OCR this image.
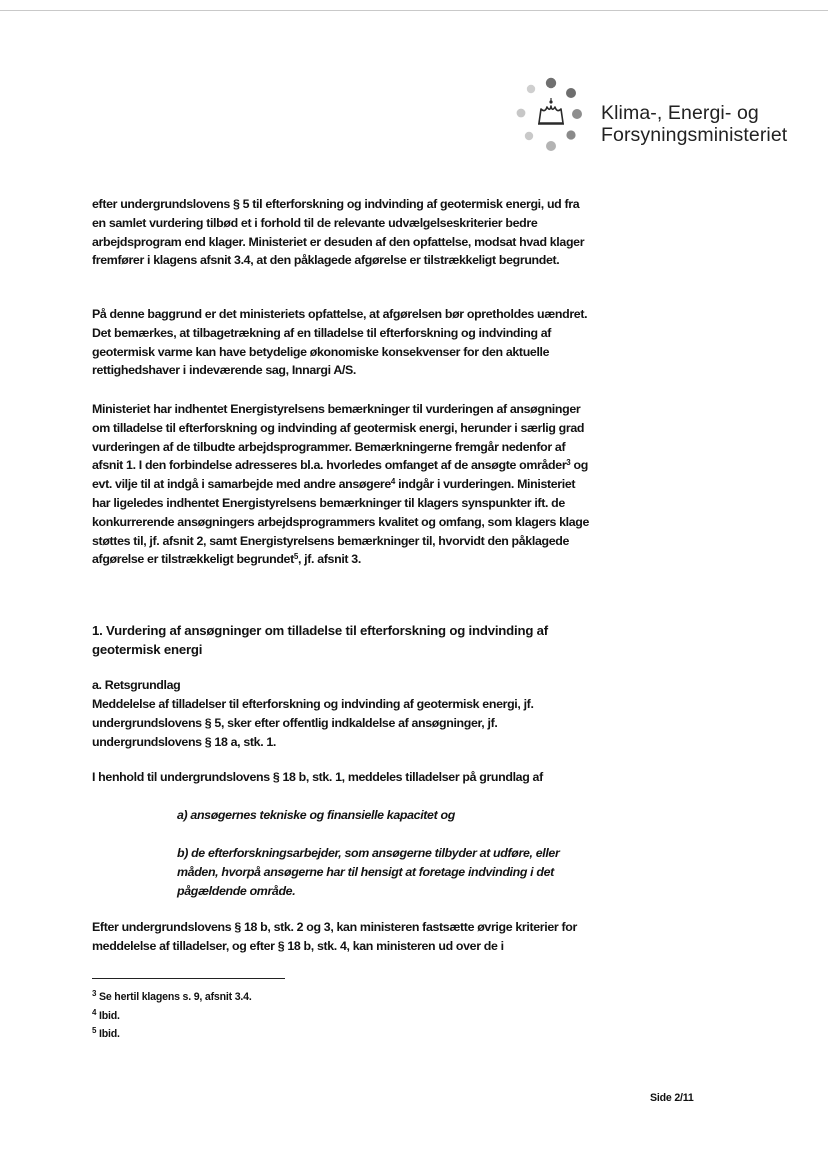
Klima-, Energi- og
Forsyningsministeriet

efter undergrundslovens § 5 til efterforskning og indvinding af geotermisk energi, ud fra en samlet vurdering tilbød et i forhold til de relevante udvælgelseskriterier bedre arbejdsprogram end klager. Ministeriet er desuden af den opfattelse, modsat hvad klager fremfører i klagens afsnit 3.4, at den påklagede afgørelse er tilstrækkeligt begrundet.

På denne baggrund er det ministeriets opfattelse, at afgørelsen bør opretholdes uændret. Det bemærkes, at tilbagetrækning af en tilladelse til efterforskning og indvinding af geotermisk varme kan have betydelige økonomiske konsekvenser for den aktuelle rettighedshaver i indeværende sag, Innargi A/S.

Ministeriet har indhentet Energistyrelsens bemærkninger til vurderingen af ansøgninger om tilladelse til efterforskning og indvinding af geotermisk energi, herunder i særlig grad vurderingen af de tilbudte arbejdsprogrammer. Bemærkningerne fremgår nedenfor af afsnit 1. I den forbindelse adresseres bl.a. hvorledes omfanget af de ansøgte områder$^3$ og evt. vilje til at indgå i samarbejde med andre ansøgere$^4$ indgår i vurderingen. Ministeriet har ligeledes indhentet Energistyrelsens bemærkninger til klagers synspunkter ift. de konkurrerende ansøgningers arbejdsprogrammers kvalitet og omfang, som klagers klage støttes til, jf. afsnit 2, samt Energistyrelsens bemærkninger til, hvorvidt den påklagede afgørelse er tilstrækkeligt begrundet$^5$, jf. afsnit 3.

1. Vurdering af ansøgninger om tilladelse til efterforskning og indvinding af geotermisk energi

a. Retsgrundlag

Meddelelse af tilladelser til efterforskning og indvinding af geotermisk energi, jf. undergrundslovens § 5, sker efter offentlig indkaldelse af ansøgninger, jf. undergrundslovens § 18 a, stk. 1.

I henhold til undergrundslovens § 18 b, stk. 1, meddeles tilladelser på grundlag af

a) ansøgernes tekniske og finansielle kapacitet og

b) de efterforskningsarbejder, som ansøgerne tilbyder at udføre, eller måden, hvorpå ansøgerne har til hensigt at foretage indvinding i det pågældende område.

Efter undergrundslovens § 18 b, stk. 2 og 3, kan ministeren fastsætte øvrige kriterier for meddelelse af tilladelser, og efter § 18 b, stk. 4, kan ministeren ud over de i

$^3$ Se hertil klagens s. 9, afsnit 3.4.
$^4$ Ibid.
$^5$ Ibid.
Side 2/11
